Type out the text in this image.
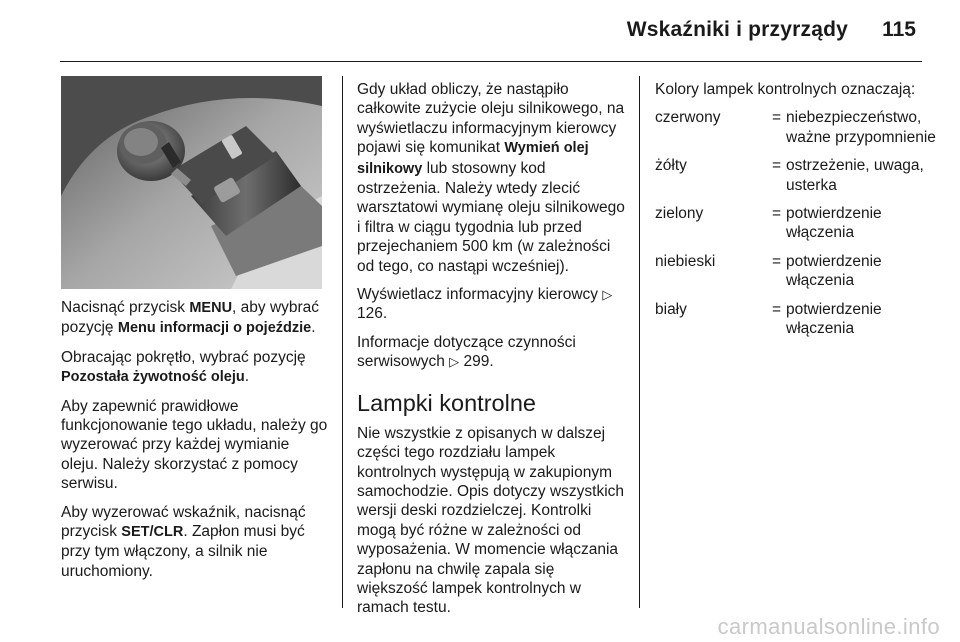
Wskaźniki i przyrządy 115

Nacisnąć przycisk MENU, aby wybrać pozycję Menu informacji o pojeździe.

Obracając pokrętło, wybrać pozycję Pozostała żywotność oleju.

Aby zapewnić prawidłowe funkcjonowanie tego układu, należy go wyzerować przy każdej wymianie oleju. Należy skorzystać z pomocy serwisu.

Aby wyzerować wskaźnik, nacisnąć przycisk SET/CLR. Zapłon musi być przy tym włączony, a silnik nie uruchomiony.

Gdy układ obliczy, że nastąpiło całkowite zużycie oleju silnikowego, na wyświetlaczu informacyjnym kierowcy pojawi się komunikat Wymień olej silnikowy lub stosowny kod ostrzeżenia. Należy wtedy zlecić warsztatowi wymianę oleju silnikowego i filtra w ciągu tygodnia lub przed przejechaniem 500 km (w zależności od tego, co nastąpi wcześniej).

Wyświetlacz informacyjny kierowcy ▷ 126.

Informacje dotyczące czynności serwisowych ▷ 299.

Lampki kontrolne

Nie wszystkie z opisanych w dalszej części tego rozdziału lampek kontrolnych występują w zakupionym samochodzie. Opis dotyczy wszystkich wersji deski rozdzielczej. Kontrolki mogą być różne w zależności od wyposażenia. W momencie włączania zapłonu na chwilę zapala się większość lampek kontrolnych w ramach testu.

Kolory lampek kontrolnych oznaczają:

czerwony	=	niebezpieczeństwo, ważne przypomnienie
żółty	=	ostrzeżenie, uwaga, usterka
zielony	=	potwierdzenie włączenia
niebieski	=	potwierdzenie włączenia
biały	=	potwierdzenie włączenia
carmanualsonline.info
